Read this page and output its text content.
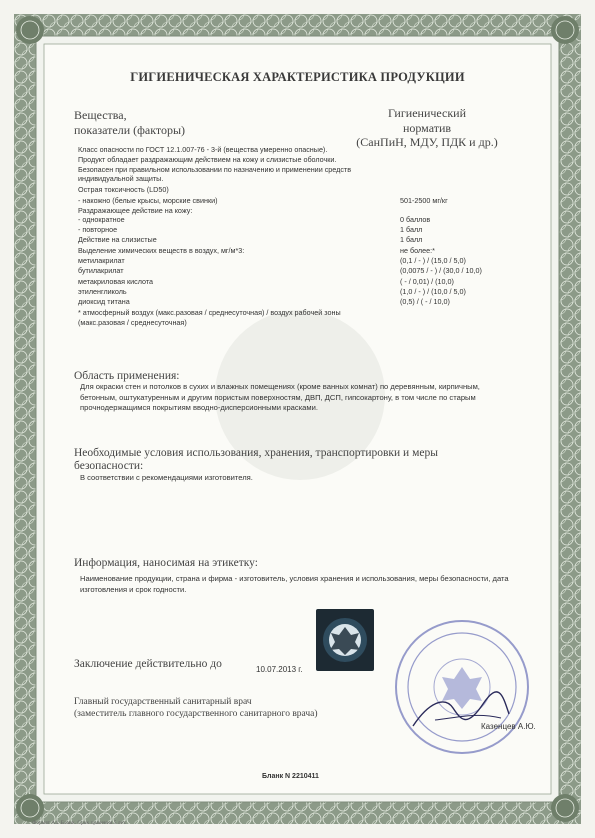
ГИГИЕНИЧЕСКАЯ ХАРАКТЕРИСТИКА ПРОДУКЦИИ
Вещества,
показатели (факторы)
Гигиенический
норматив
(СанПиН, МДУ, ПДК и др.)
Класс опасности по ГОСТ 12.1.007-76 - 3-й (вещества умеренно опасные).
Продукт обладает раздражающим действием на кожу и слизистые оболочки.
Безопасен при правильном использовании по назначению и применении средств
индивидуальной защиты.
Острая токсичность (LD50)
- накожно (белые крысы, морские свинки)	501-2500 мг/кг
Раздражающее действие на кожу:
- однократное	0 баллов
- повторное	1 балл
Действие на слизистые	1 балл
Выделение химических веществ в воздух, мг/м*3:	не более:*
метилакрилат	(0,1 / - ) / (15,0 / 5,0)
бутилакрилат	(0,0075 / - ) / (30,0 / 10,0)
метакриловая кислота	( - / 0,01) / (10,0)
этиленгликоль	(1,0 / - ) / (10,0 / 5,0)
диоксид титана	(0,5) / ( - / 10,0)
* атмосферный воздух (макс.разовая / среднесуточная) / воздух рабочей зоны
(макс.разовая / среднесуточная)
Область применения:
Для окраски стен и потолков в сухих и влажных помещениях (кроме ванных комнат) по деревянным, кирпичным, бетонным, оштукатуренным и другим пористым поверхностям, ДВП, ДСП, гипсокартону, в том числе по старым прочнодержащимся покрытиям вводно-дисперсионными красками.
Необходимые условия использования, хранения, транспортировки и меры
безопасности:
В соответствии с рекомендациями изготовителя.
Информация, наносимая на этикетку:
Наименование продукции, страна и фирма - изготовитель, условия хранения и использования, меры безопасности, дата изготовления и срок годности.
Заключение действительно до	10.07.2013 г.
Главный государственный санитарный врач
(заместитель главного государственного санитарного врача)
Казенцев А.Ю.
Бланк N 2210411
Формат А4. Бланк. Срок хранения 5 лет.
